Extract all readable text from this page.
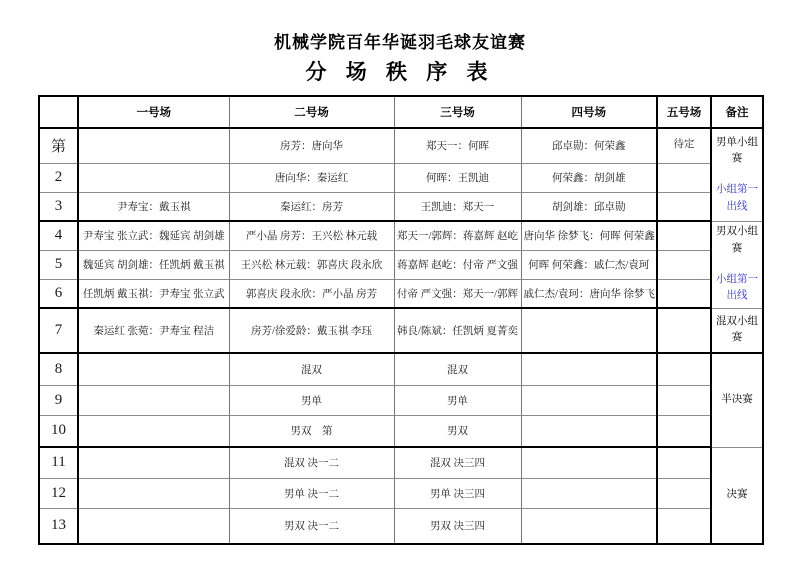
机械学院百年华诞羽毛球友谊赛
分 场 秩 序 表
	一号场	二号场	三号场	四号场	五号场	备注
第		房芳：唐向华	郑天一：何晖	邱卓勋：何荣鑫	待定	男单小组赛
小组第一出线

2		唐向华：秦运红	何晖：王凯迪	何荣鑫：胡剑雄		
3	尹寿宝：戴玉祺	秦运红：房芳	王凯迪：郑天一	胡剑雄：邱卓勋		
4	尹寿宝 张立武：魏延宾 胡剑雄	严小晶 房芳：王兴松 林元载	郑天一/郭辉：蒋嘉辉 赵屹	唐向华 徐梦飞：何晖 何荣鑫		男双小组赛
小组第一出线

5	魏延宾 胡剑雄：任凯炳 戴玉祺	王兴松 林元载：郭喜庆 段永欣	蒋嘉辉 赵屹：付帝 严文强	何晖 何荣鑫：戚仁杰/袁珂		
6	任凯炳 戴玉祺：尹寿宝 张立武	郭喜庆 段永欣：严小晶 房芳	付帝 严文强：郑天一/郭辉	戚仁杰/袁珂：唐向华 徐梦飞		
7	秦运红 张菀：尹寿宝 程洁	房芳/徐爱龄：戴玉祺 李珏	韩良/陈斌：任凯炳 夏菁奕			混双小组赛

8		混双	混双			半决赛

9		男单	男单			
10		男双　第	男双			
11		混双 决一二	混双 决三四			决赛

12		男单 决一二	男单 决三四			
13		男双 决一二	男双 决三四			
